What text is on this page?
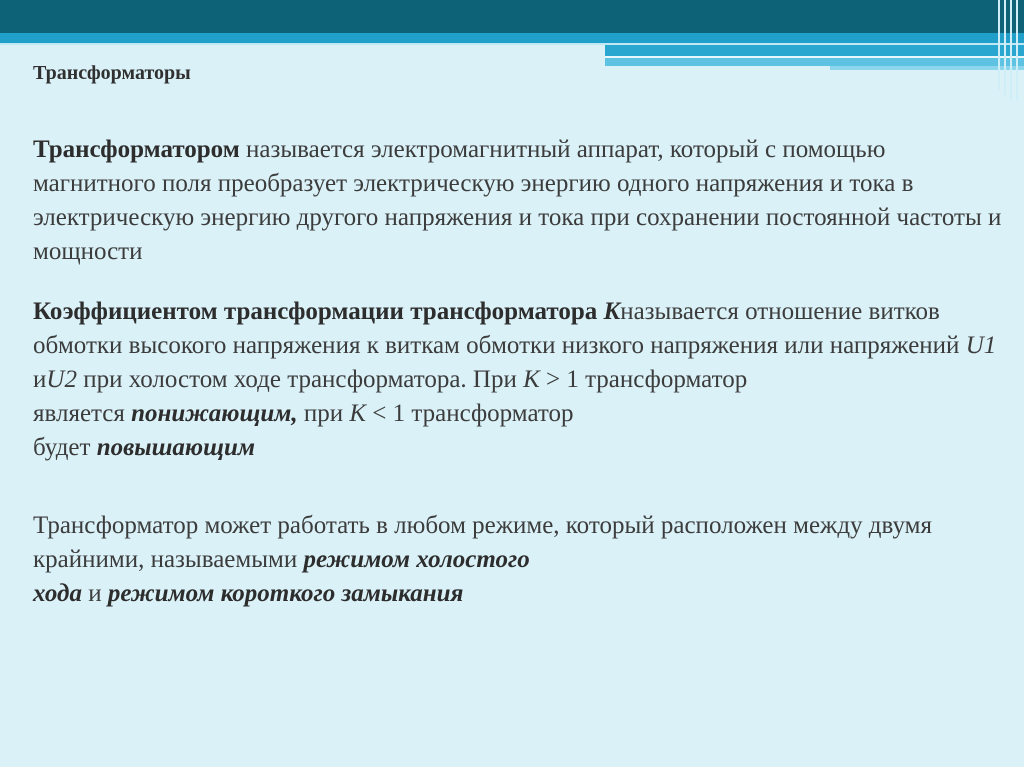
Трансформаторы

Трансформатором называется электромагнитный аппарат, который с помощью магнитного поля преобразует электрическую энергию одного напряжения и тока в электрическую энергию другого напряжения и тока при сохранении постоянной частоты и мощности

Коэффициентом трансформации трансформатора Kназывается отношение витков обмотки высокого напряжения к виткам обмотки низкого напряжения или напряжений U1 иU2 при холостом ходе трансформатора. При К > 1 трансформатор
является понижающим, при К < 1 трансформатор
будет повышающим

Трансформатор может работать в любом режиме, который расположен между двумя крайними, называемыми режимом холостого
хода и режимом короткого замыкания
